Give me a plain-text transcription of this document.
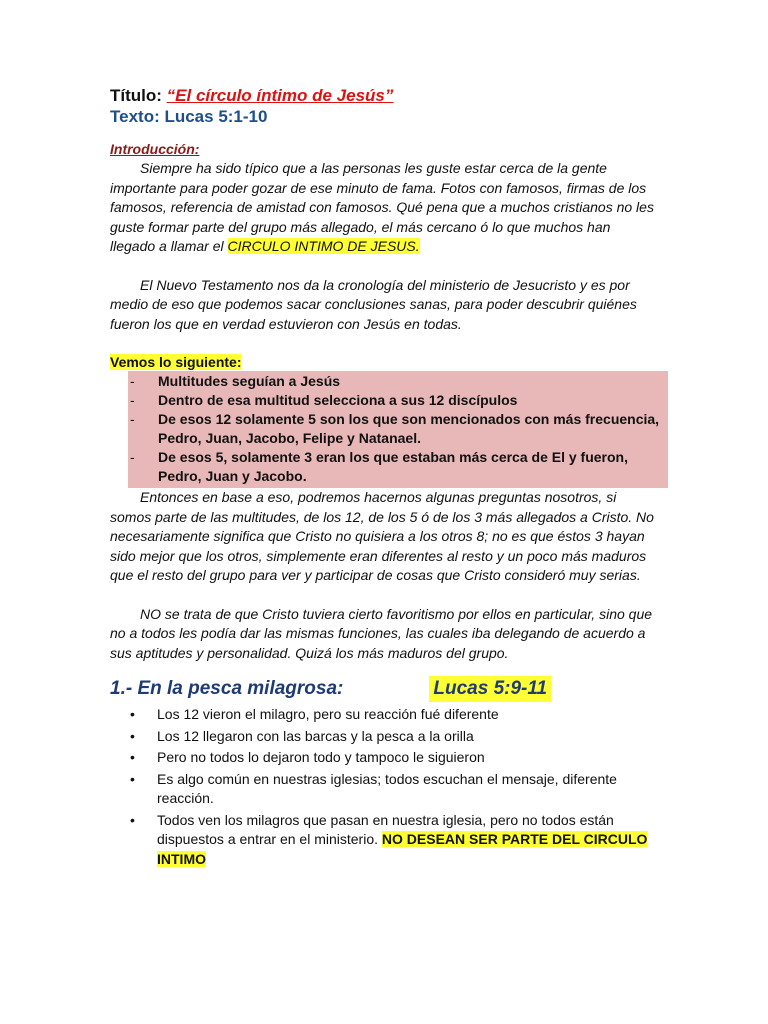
Título: “El círculo íntimo de Jesús”
Texto: Lucas 5:1-10
Introducción:

Siempre ha sido típico que a las personas les guste estar cerca de la gente importante para poder gozar de ese minuto de fama. Fotos con famosos, firmas de los famosos, referencia de amistad con famosos. Qué pena que a muchos cristianos no les guste formar parte del grupo más allegado, el más cercano ó lo que muchos han llegado a llamar el CIRCULO INTIMO DE JESUS.

El Nuevo Testamento nos da la cronología del ministerio de Jesucristo y es por medio de eso que podemos sacar conclusiones sanas, para poder descubrir quiénes fueron los que en verdad estuvieron con Jesús en todas.

Vemos lo siguiente:
-	Multitudes seguían a Jesús
-	Dentro de esa multitud selecciona a sus 12 discípulos
-	De esos 12 solamente 5 son los que son mencionados con más frecuencia, Pedro, Juan, Jacobo, Felipe y Natanael.
-	De esos 5, solamente 3 eran los que estaban más cerca de El y fueron, Pedro, Juan y Jacobo.

Entonces en base a eso, podremos hacernos algunas preguntas nosotros, si somos parte de las multitudes, de los 12, de los 5 ó de los 3 más allegados a Cristo. No necesariamente significa que Cristo no quisiera a los otros 8; no es que éstos 3 hayan sido mejor que los otros, simplemente eran diferentes al resto y un poco más maduros que el resto del grupo para ver y participar de cosas que Cristo consideró muy serias.

NO se trata de que Cristo tuviera cierto favoritismo por ellos en particular, sino que no a todos les podía dar las mismas funciones, las cuales iba delegando de acuerdo a sus aptitudes y personalidad. Quizá los más maduros del grupo.

1.- En la pesca milagrosa:	Lucas 5:9-11
•
Los 12 vieron el milagro, pero su reacción fué diferente
•
Los 12 llegaron con las barcas y la pesca a la orilla
•
Pero no todos lo dejaron todo y tampoco le siguieron
•
Es algo común en nuestras iglesias; todos escuchan el mensaje, diferente reacción.
•
Todos ven los milagros que pasan en nuestra iglesia, pero no todos están dispuestos a entrar en el ministerio. NO DESEAN SER PARTE DEL CIRCULO INTIMO
